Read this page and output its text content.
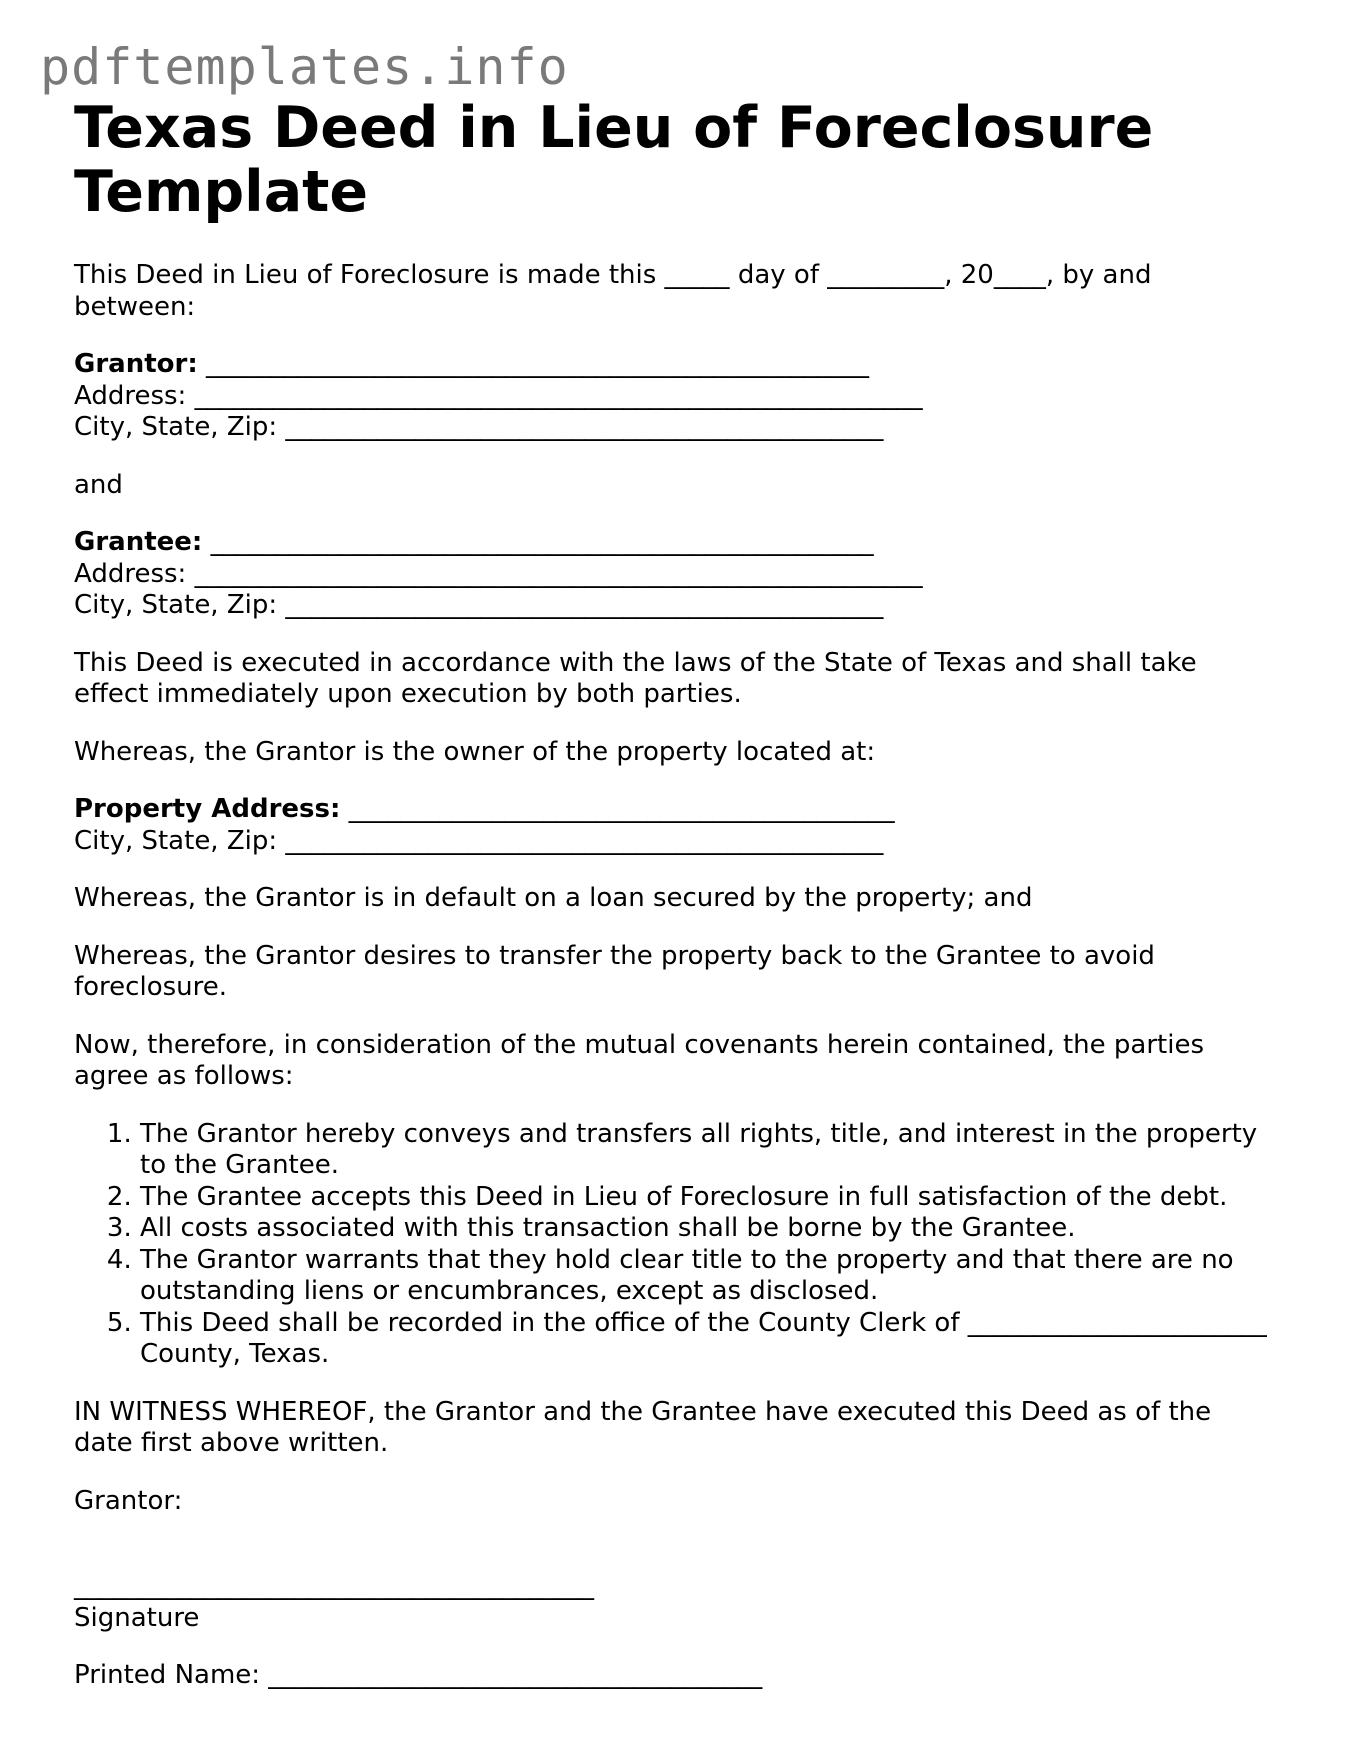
pdftemplates.info
Texas Deed in Lieu of Foreclosure Template

This Deed in Lieu of Foreclosure is made this _____ day of _________, 20____, by and between:

Grantor: ___________________________________________________
Address: ________________________________________________________
City, State, Zip: ______________________________________________

and

Grantee: ___________________________________________________
Address: ________________________________________________________
City, State, Zip: ______________________________________________

This Deed is executed in accordance with the laws of the State of Texas and shall take effect immediately upon execution by both parties.

Whereas, the Grantor is the owner of the property located at:

Property Address: __________________________________________
City, State, Zip: ______________________________________________

Whereas, the Grantor is in default on a loan secured by the property; and

Whereas, the Grantor desires to transfer the property back to the Grantee to avoid foreclosure.

Now, therefore, in consideration of the mutual covenants herein contained, the parties agree as follows:

1. The Grantor hereby conveys and transfers all rights, title, and interest in the property to the Grantee.
2. The Grantee accepts this Deed in Lieu of Foreclosure in full satisfaction of the debt.
3. All costs associated with this transaction shall be borne by the Grantee.
4. The Grantor warrants that they hold clear title to the property and that there are no outstanding liens or encumbrances, except as disclosed.
5. This Deed shall be recorded in the office of the County Clerk of _______________________ County, Texas.

IN WITNESS WHEREOF, the Grantor and the Grantee have executed this Deed as of the date first above written.

Grantor:

________________________________________
Signature

Printed Name: ______________________________________
